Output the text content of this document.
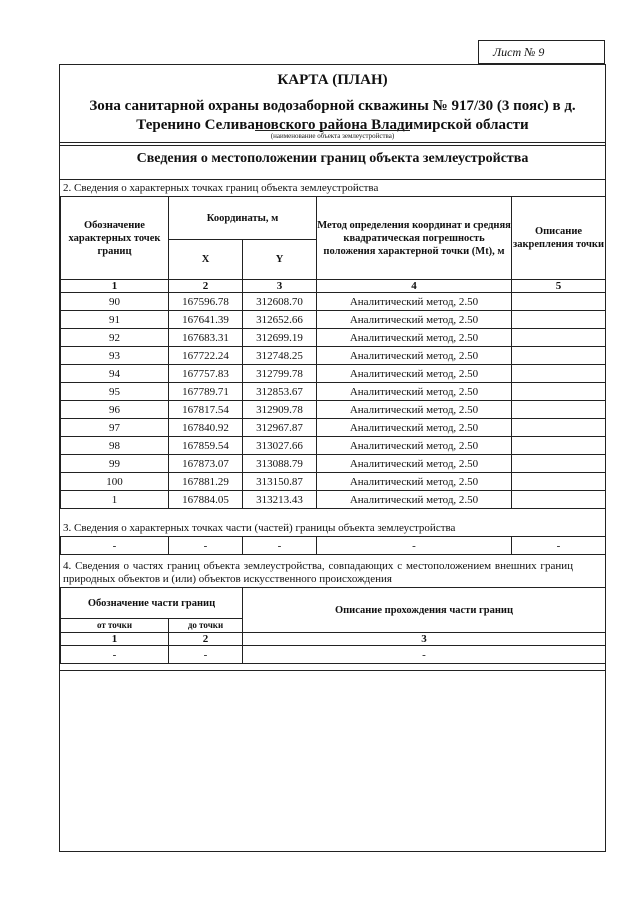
Лист № 9
КАРТА (ПЛАН)
Зона санитарной охраны водозаборной скважины № 917/30 (3 пояс) в д. Теренино Селивановского района Владимирской области
(наименование объекта землеустройства)
Сведения о местоположении границ объекта землеустройства
2. Сведения о характерных точках границ объекта землеустройства
Обозначение характерных точек границ	Координаты, м		Метод определения координат и средняя квадратическая погрешность положения характерной точки (Mt), м	Описание закрепления точки
	X	Y		
1	2	3	4	5
90	167596.78	312608.70	Аналитический метод, 2.50	
91	167641.39	312652.66	Аналитический метод, 2.50	
92	167683.31	312699.19	Аналитический метод, 2.50	
93	167722.24	312748.25	Аналитический метод, 2.50	
94	167757.83	312799.78	Аналитический метод, 2.50	
95	167789.71	312853.67	Аналитический метод, 2.50	
96	167817.54	312909.78	Аналитический метод, 2.50	
97	167840.92	312967.87	Аналитический метод, 2.50	
98	167859.54	313027.66	Аналитический метод, 2.50	
99	167873.07	313088.79	Аналитический метод, 2.50	
100	167881.29	313150.87	Аналитический метод, 2.50	
1	167884.05	313213.43	Аналитический метод, 2.50	
3. Сведения о характерных точках части (частей) границы объекта землеустройства
-	-	-	-	-
4. Сведения о частях границ объекта землеустройства, совпадающих с местоположением внешних границ природных объектов и (или) объектов искусственного происхождения
Обозначение части границ		Описание прохождения части границ
от точки	до точки	
1	2	3
-	-	-
